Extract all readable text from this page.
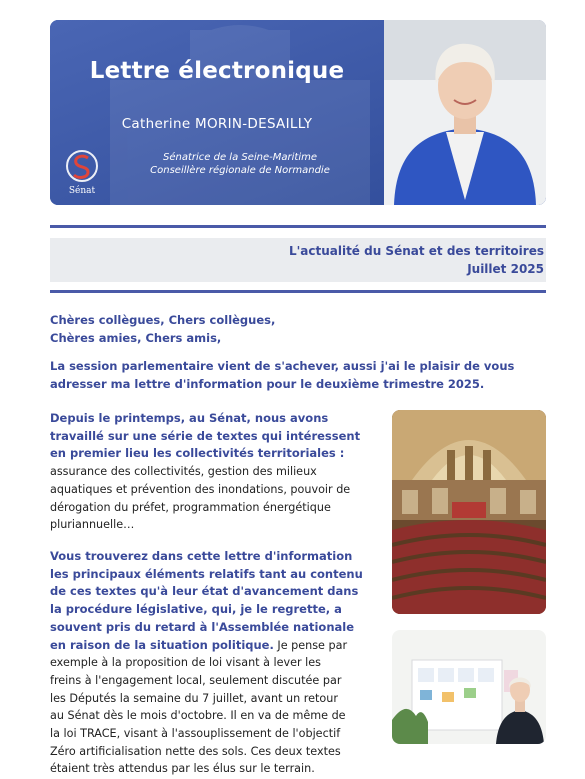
Lettre électronique
Catherine MORIN-DESAILLY
Sénatrice de la Seine-Maritime
Conseillère régionale de Normandie
Sénat
L'actualité du Sénat et des territoires
Juillet 2025
Chères collègues, Chers collègues,
Chères amies, Chers amis,
La session parlementaire vient de s'achever, aussi j'ai le plaisir de vous
adresser ma lettre d'information pour le deuxième trimestre 2025.
Depuis le printemps, au Sénat, nous avons
travaillé sur une série de textes qui intéressent
en premier lieu les collectivités territoriales :
assurance des collectivités, gestion des milieux
aquatiques et prévention des inondations, pouvoir de
dérogation du préfet, programmation énergétique
pluriannuelle…
Vous trouverez dans cette lettre d'information
les principaux éléments relatifs tant au contenu
de ces textes qu'à leur état d'avancement dans
la procédure législative, qui, je le regrette, a
souvent pris du retard à l'Assemblée nationale
en raison de la situation politique. Je pense par
exemple à la proposition de loi visant à lever les
freins à l'engagement local, seulement discutée par
les Députés la semaine du 7 juillet, avant un retour
au Sénat dès le mois d'octobre. Il en va de même de
la loi TRACE, visant à l'assouplissement de l'objectif
Zéro artificialisation nette des sols. Ces deux textes
étaient très attendus par les élus sur le terrain.
